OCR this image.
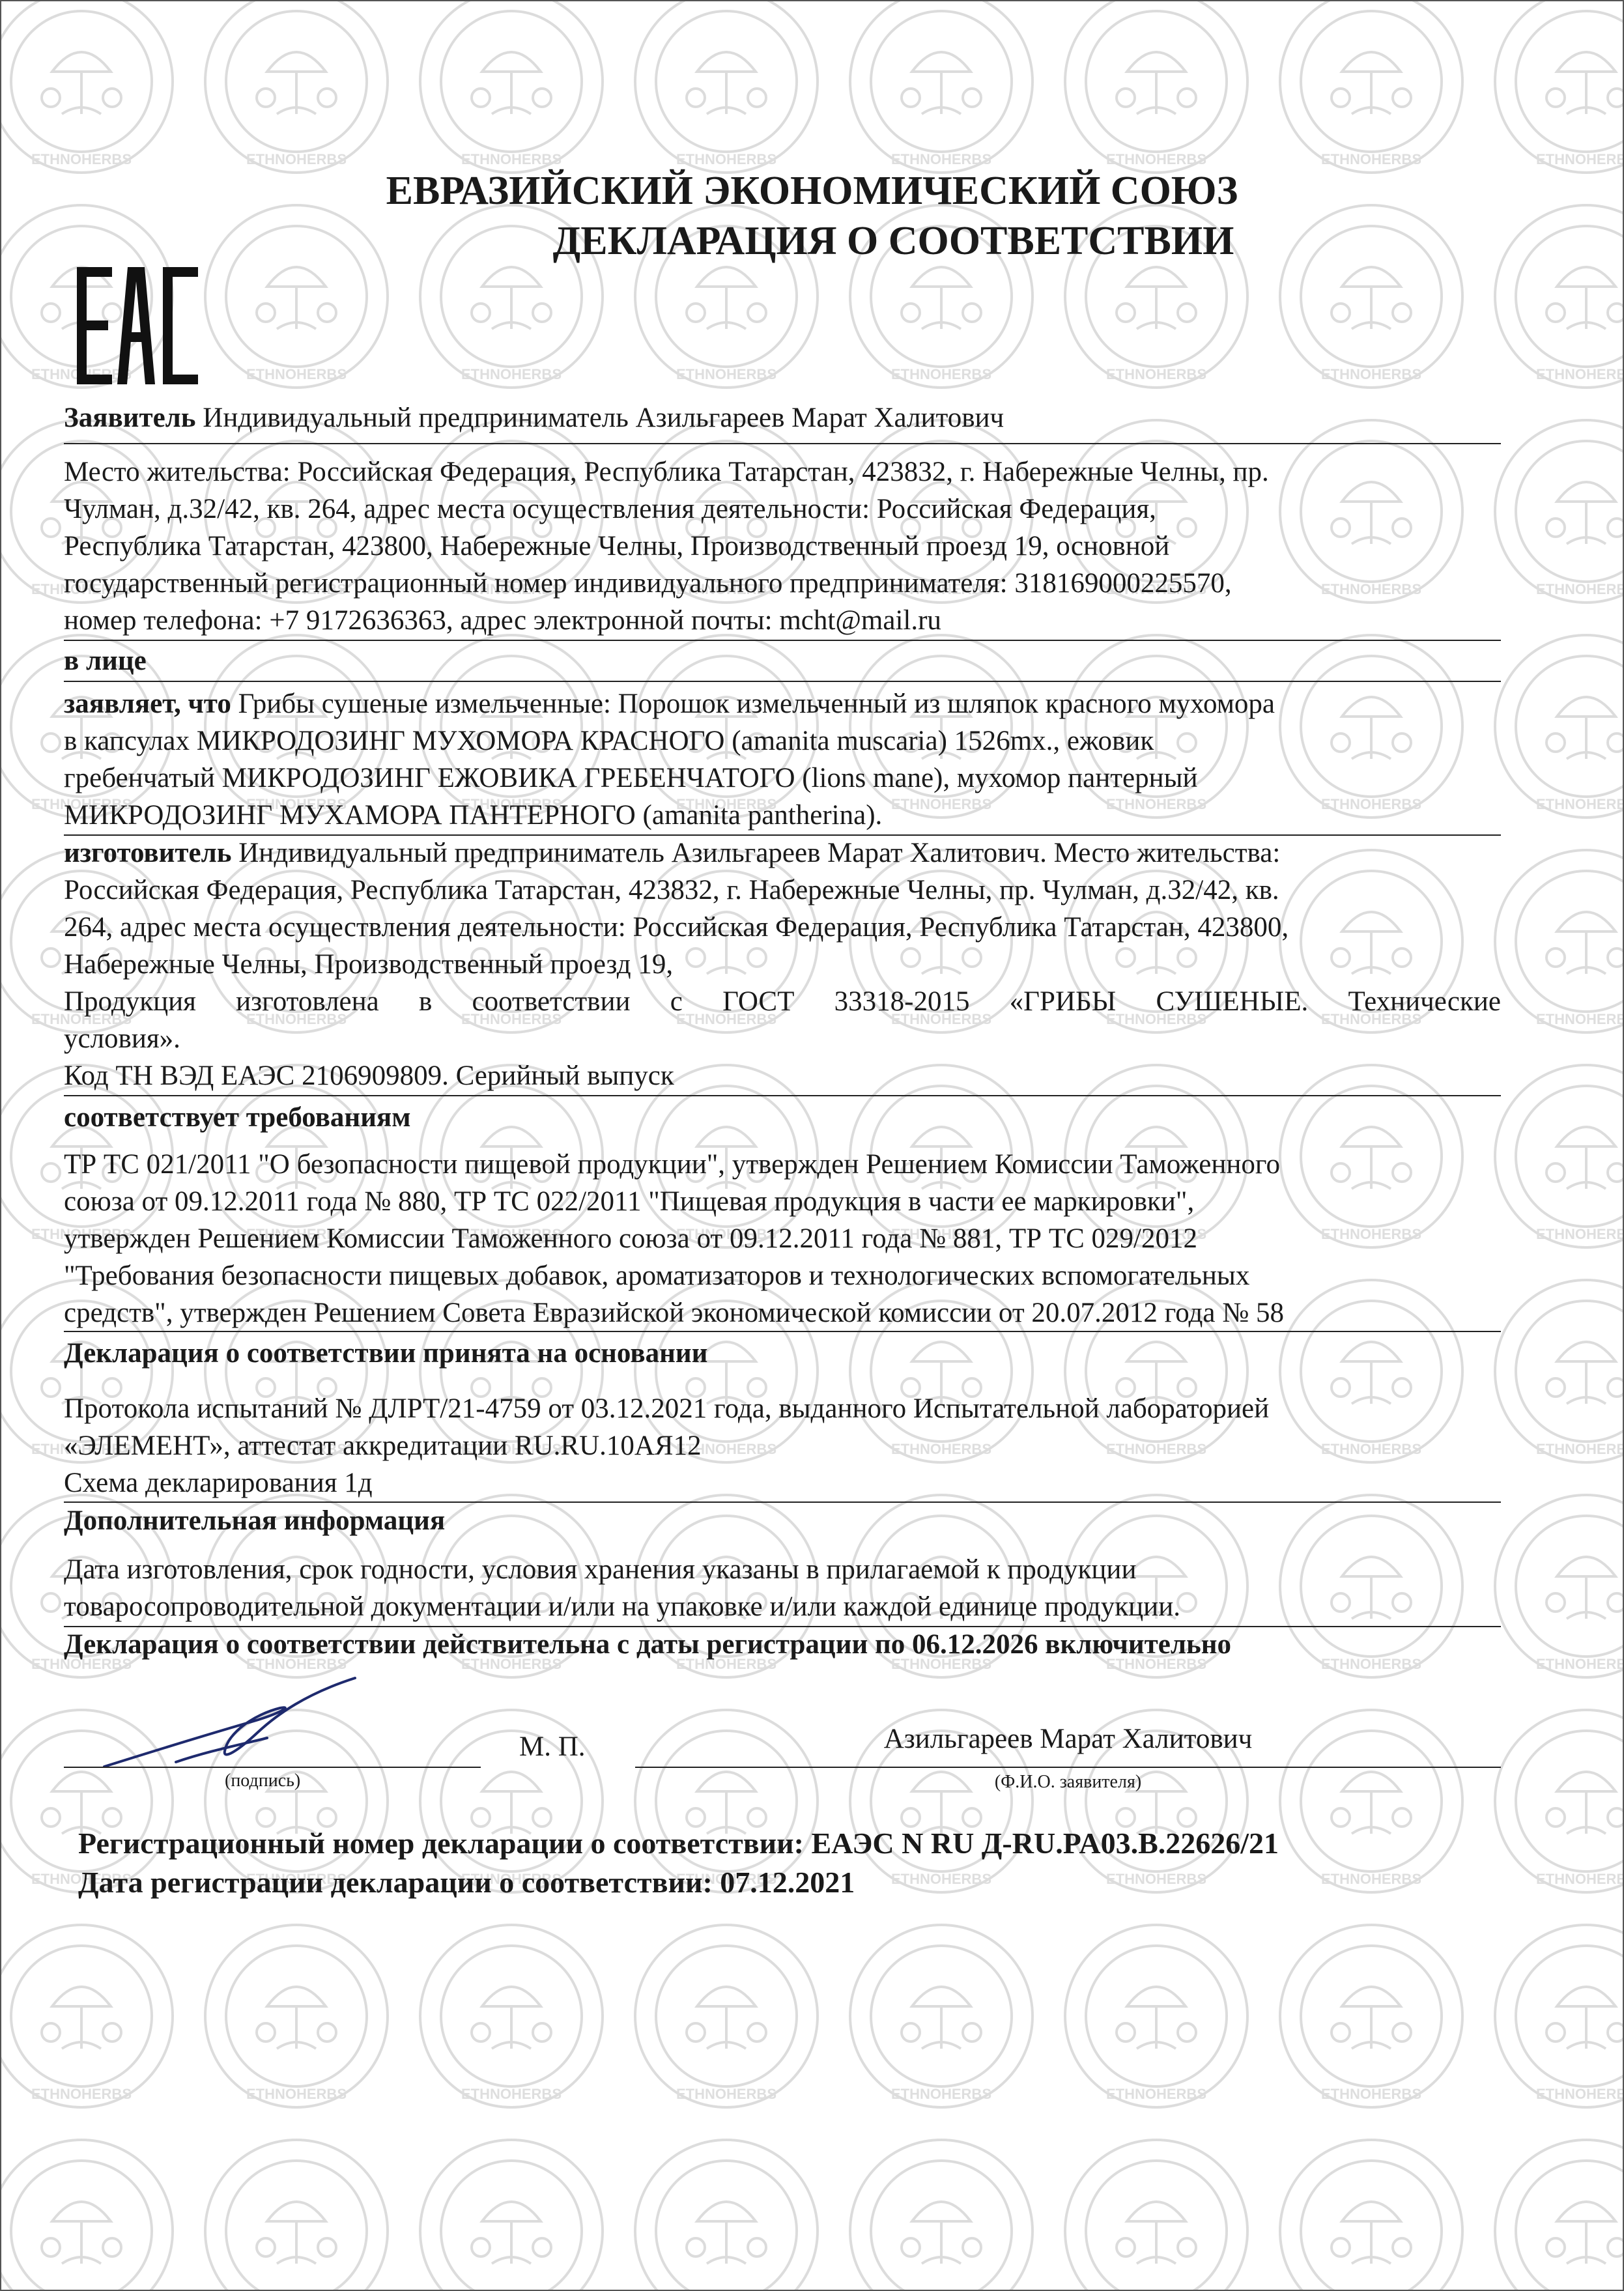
ЕВРАЗИЙСКИЙ ЭКОНОМИЧЕСКИЙ СОЮЗ
ДЕКЛАРАЦИЯ О СООТВЕТСТВИИ
Заявитель Индивидуальный предприниматель Азильгареев Марат Халитович
Место жительства: Российская Федерация, Республика Татарстан, 423832, г. Набережные Челны, пр.
Чулман, д.32/42, кв. 264, адрес места осуществления деятельности: Российская Федерация,
Республика Татарстан, 423800, Набережные Челны, Производственный проезд 19, основной
государственный регистрационный номер индивидуального предпринимателя: 318169000225570,
номер телефона: +7 9172636363, адрес электронной почты: mcht@mail.ru
в лице
заявляет, что Грибы сушеные измельченные: Порошок измельченный из шляпок красного мухомора
в капсулах МИКРОДОЗИНГ МУХОМОРА КРАСНОГО (amanita muscaria) 1526mx., ежовик
гребенчатый МИКРОДОЗИНГ ЕЖОВИКА ГРЕБЕНЧАТОГО (lions mane), мухомор пантерный
МИКРОДОЗИНГ МУХАМОРА ПАНТЕРНОГО (amanita pantherina).
изготовитель Индивидуальный предприниматель Азильгареев Марат Халитович. Место жительства:
Российская Федерация, Республика Татарстан, 423832, г. Набережные Челны, пр. Чулман, д.32/42, кв.
264, адрес места осуществления деятельности: Российская Федерация, Республика Татарстан, 423800,
Набережные Челны, Производственный проезд 19,
Продукция изготовлена в соответствии с ГОСТ 33318-2015 «ГРИБЫ СУШЕНЫЕ. Технические
условия».
Код ТН ВЭД ЕАЭС 2106909809. Серийный выпуск
соответствует требованиям
ТР ТС 021/2011 "О безопасности пищевой продукции", утвержден Решением Комиссии Таможенного
союза от 09.12.2011 года № 880, ТР ТС 022/2011 "Пищевая продукция в части ее маркировки",
утвержден Решением Комиссии Таможенного союза от 09.12.2011 года № 881, ТР ТС 029/2012
"Требования безопасности пищевых добавок, ароматизаторов и технологических вспомогательных
средств", утвержден Решением Совета Евразийской экономической комиссии от 20.07.2012 года № 58
Декларация о соответствии принята на основании
Протокола испытаний № ДЛРТ/21-4759 от 03.12.2021 года, выданного Испытательной лабораторией
«ЭЛЕМЕНТ», аттестат аккредитации RU.RU.10АЯ12
Схема декларирования 1д
Дополнительная информация
Дата изготовления, срок годности, условия хранения указаны в прилагаемой к продукции
товаросопроводительной документации и/или на упаковке и/или каждой единице продукции.
Декларация о соответствии действительна с даты регистрации по 06.12.2026 включительно
(подпись)
М. П.	Азильгареев Марат Халитович
(Ф.И.О. заявителя)
Регистрационный номер декларации о соответствии: ЕАЭС N RU Д-RU.PA03.B.22626/21
Дата регистрации декларации о соответствии: 07.12.2021
